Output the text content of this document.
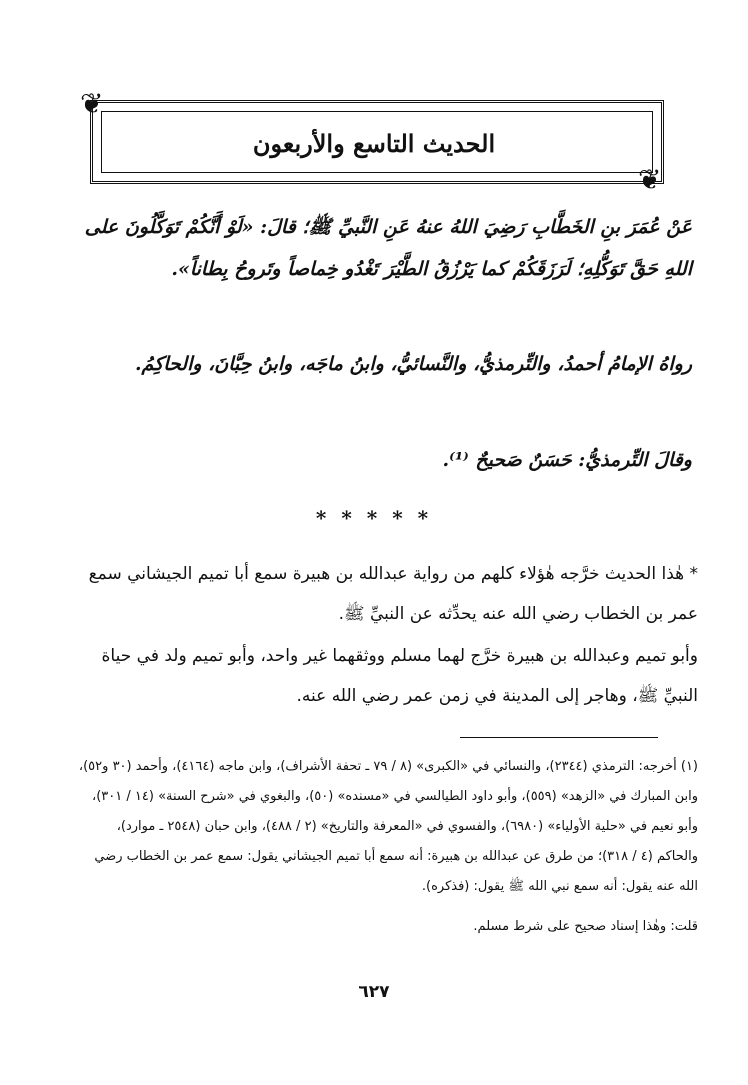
❦
❦
الحديث التاسع والأربعون
عَنْ عُمَرَ بنِ الخَطَّابِ رَضِيَ اللهُ عنهُ عَنِ النَّبيِّ ﷺ؛ قالَ: «لَوْ أَنَّكُمْ تَوَكَّلُونَ على اللهِ حَقَّ تَوَكُّلِهِ؛ لَرَزَقَكُمْ كما يَرْزُقُ الطَّيْرَ تَغْدُو خِماصاً وتَروحُ بِطاناً».
رواهُ الإمامُ أحمدُ، والتِّرمذيُّ، والنَّسائيُّ، وابنُ ماجَه، وابنُ حِبَّانَ، والحاكِمُ.
وقالَ التِّرمذيُّ: حَسَنٌ صَحيحٌ ⁽¹⁾.
* * * * *
* هٰذا الحديث خرَّجه هٰؤلاء كلهم من رواية عبدالله بن هبيرة سمع أبا تميم الجيشاني سمع عمر بن الخطاب رضي الله عنه يحدِّثه عن النبيِّ ﷺ.
وأبو تميم وعبدالله بن هبيرة خرَّج لهما مسلم ووثقهما غير واحد، وأبو تميم ولد في حياة النبيِّ ﷺ، وهاجر إلى المدينة في زمن عمر رضي الله عنه.
(١) أخرجه: الترمذي (٢٣٤٤)، والنسائي في «الكبرى» (٨ / ٧٩ ـ تحفة الأشراف)، وابن ماجه (٤١٦٤)، وأحمد (٣٠ و٥٢)، وابن المبارك في «الزهد» (٥٥٩)، وأبو داود الطيالسي في «مسنده» (٥٠)، والبغوي في «شرح السنة» (١٤ / ٣٠١)، وأبو نعيم في «حلية الأولياء» (٦٩٨٠)، والفسوي في «المعرفة والتاريخ» (٢ / ٤٨٨)، وابن حبان (٢٥٤٨ ـ موارد)، والحاكم (٤ / ٣١٨)؛ من طرق عن عبدالله بن هبيرة: أنه سمع أبا تميم الجيشاني يقول: سمع عمر بن الخطاب رضي الله عنه يقول: أنه سمع نبي الله ﷺ يقول: (فذكره).
قلت: وهٰذا إسناد صحيح على شرط مسلم.
٦٢٧
